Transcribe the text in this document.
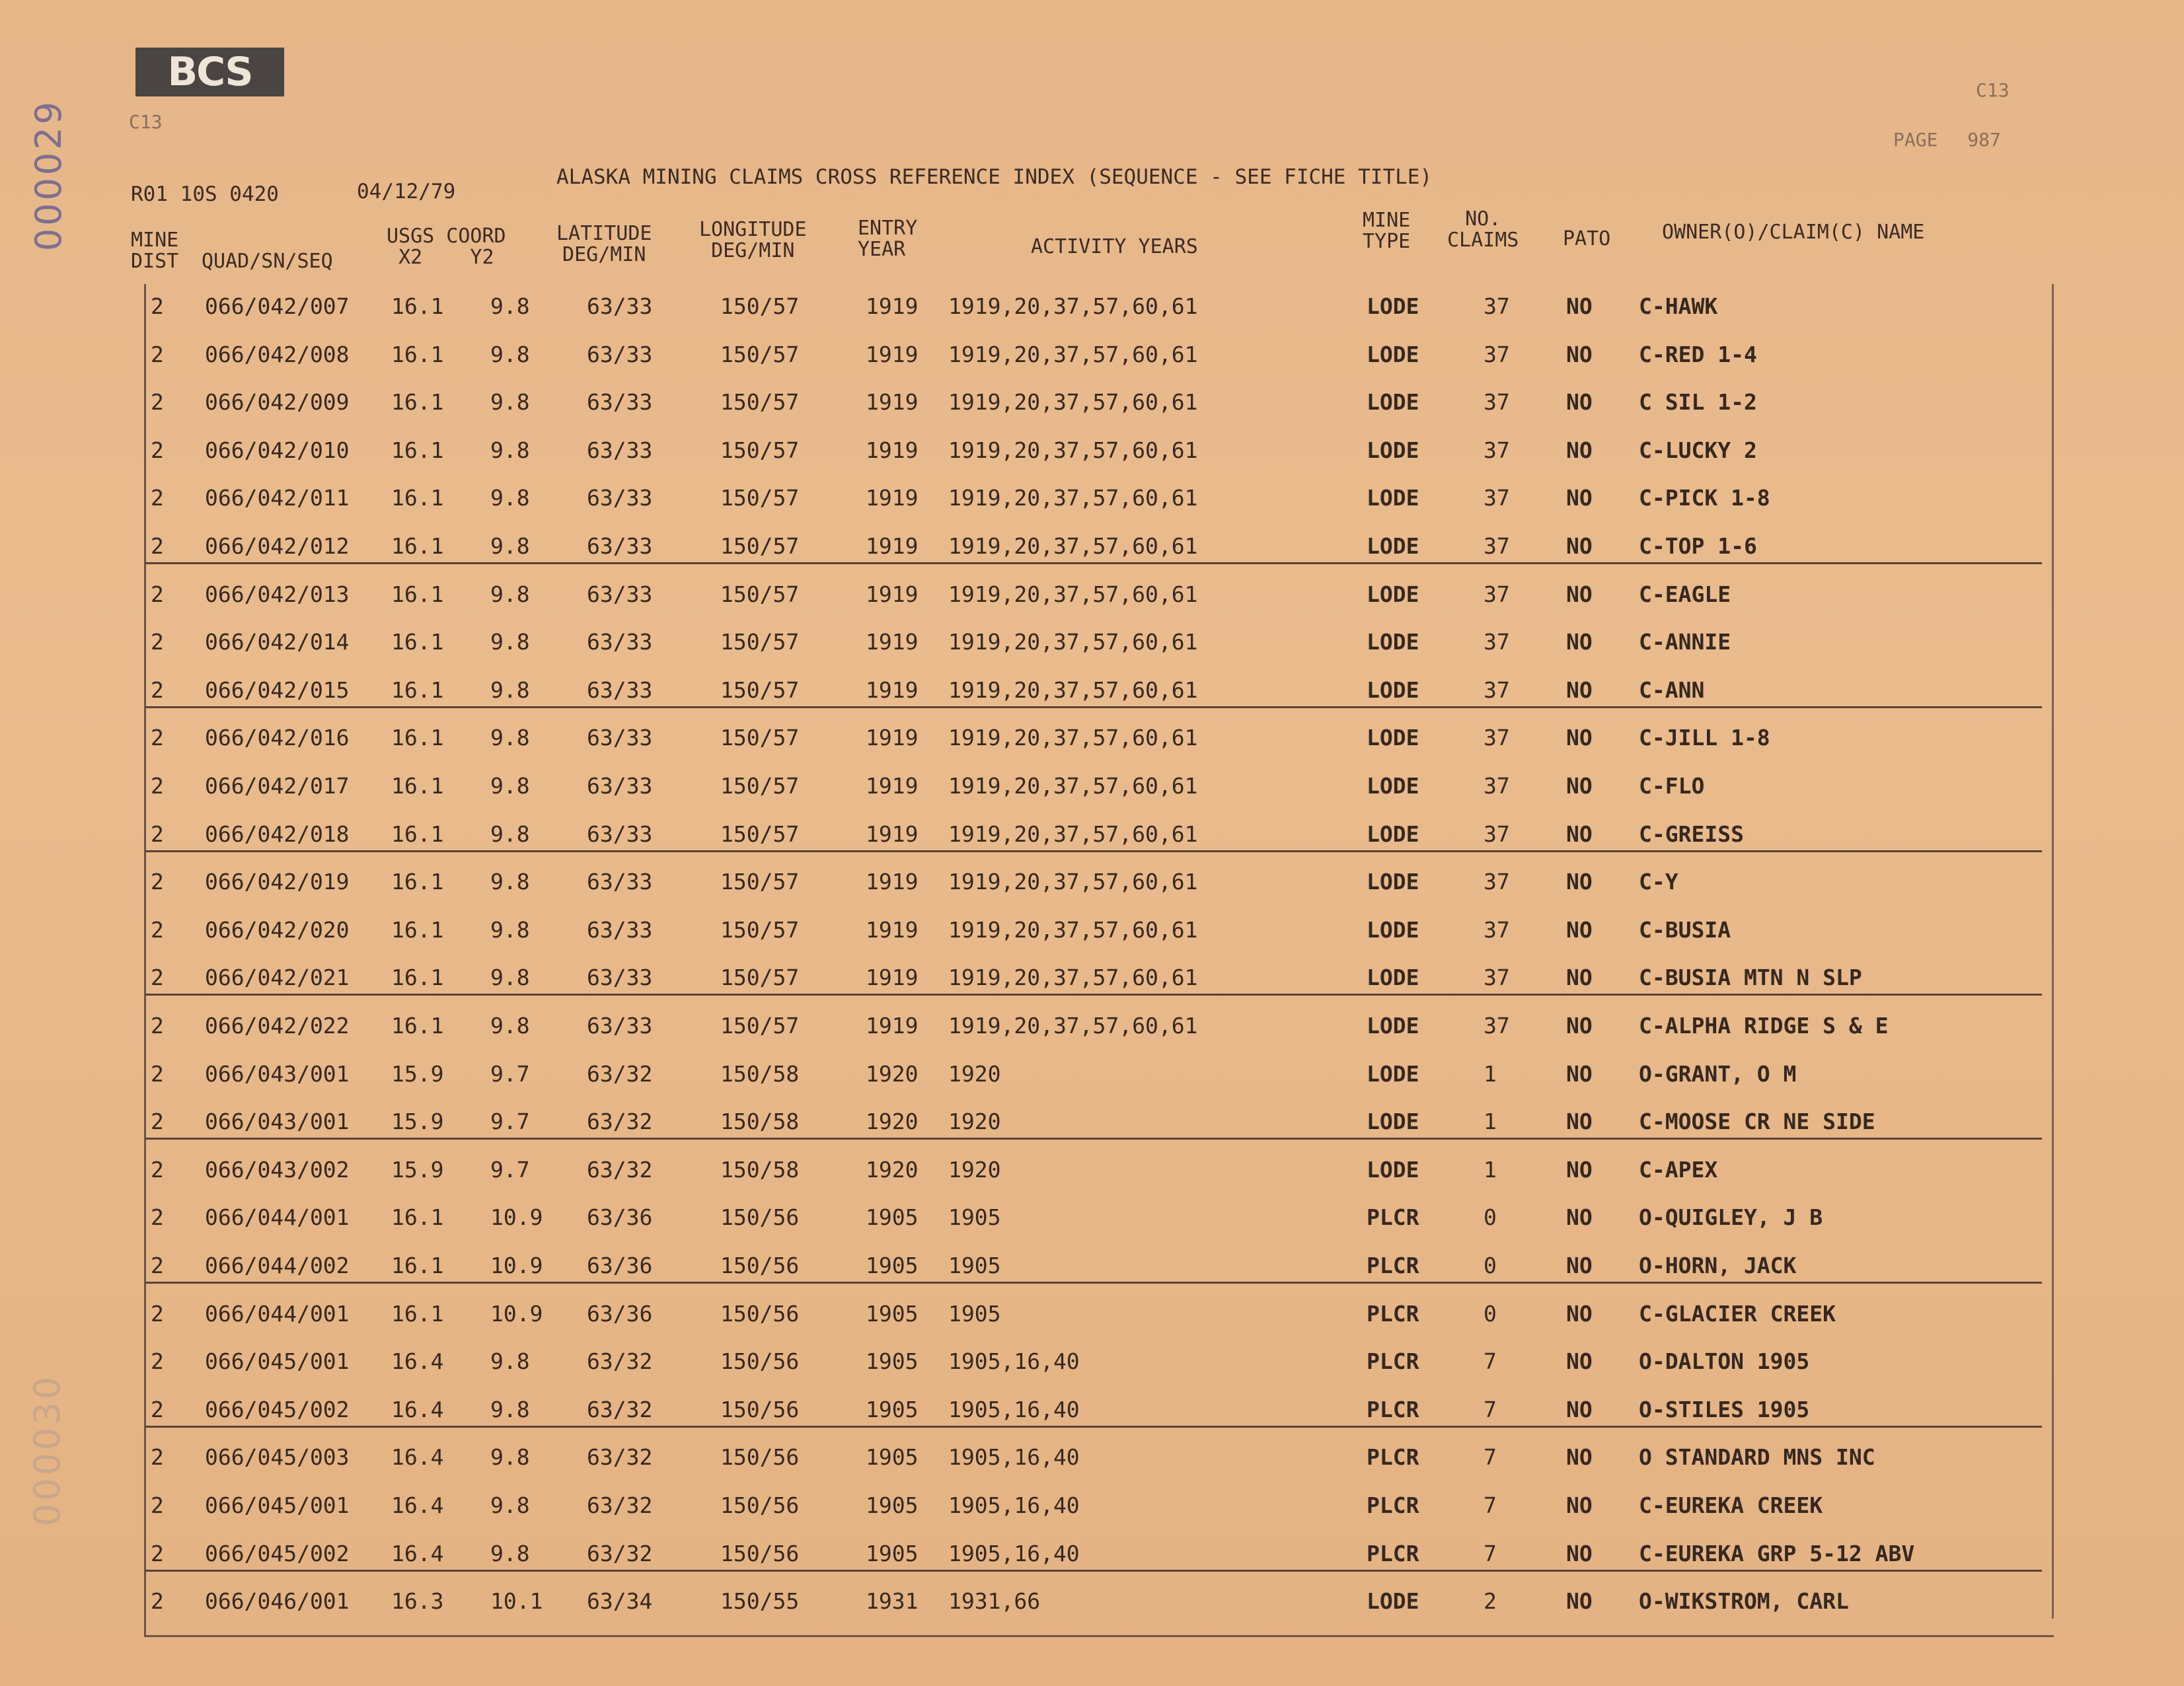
BCS
000029
000030
C13
C13
PAGE 987
R01 10S 0420	04/12/79
ALASKA MINING CLAIMS CROSS REFERENCE INDEX (SEQUENCE - SEE FICHE TITLE)
MINE
DIST QUAD/SN/SEQ
USGS COORD
X2    Y2
LATITUDE
DEG/MIN
LONGITUDE
DEG/MIN
ENTRY
YEAR	ACTIVITY YEARS
MINE
TYPE
NO.
CLAIMS PATO	OWNER(O)/CLAIM(C) NAME
2 066/042/007 16.1 9.8	63/33	150/57	1919 1919,20,37,57,60,61	LODE	37	NO C-HAWK
2 066/042/008 16.1 9.8	63/33	150/57	1919 1919,20,37,57,60,61	LODE	37	NO C-RED 1-4
2 066/042/009 16.1 9.8	63/33	150/57	1919 1919,20,37,57,60,61	LODE	37	NO C SIL 1-2
2 066/042/010 16.1 9.8	63/33	150/57	1919 1919,20,37,57,60,61	LODE	37	NO C-LUCKY 2
2 066/042/011 16.1 9.8	63/33	150/57	1919 1919,20,37,57,60,61	LODE	37	NO C-PICK 1-8
2 066/042/012 16.1 9.8	63/33	150/57	1919 1919,20,37,57,60,61	LODE	37	NO C-TOP 1-6
2 066/042/013 16.1 9.8	63/33	150/57	1919 1919,20,37,57,60,61	LODE	37	NO C-EAGLE
2 066/042/014 16.1 9.8	63/33	150/57	1919 1919,20,37,57,60,61	LODE	37	NO C-ANNIE
2 066/042/015 16.1 9.8	63/33	150/57	1919 1919,20,37,57,60,61	LODE	37	NO C-ANN
2 066/042/016 16.1 9.8	63/33	150/57	1919 1919,20,37,57,60,61	LODE	37	NO C-JILL 1-8
2 066/042/017 16.1 9.8	63/33	150/57	1919 1919,20,37,57,60,61	LODE	37	NO C-FLO
2 066/042/018 16.1 9.8	63/33	150/57	1919 1919,20,37,57,60,61	LODE	37	NO C-GREISS
2 066/042/019 16.1 9.8	63/33	150/57	1919 1919,20,37,57,60,61	LODE	37	NO C-Y
2 066/042/020 16.1 9.8	63/33	150/57	1919 1919,20,37,57,60,61	LODE	37	NO C-BUSIA
2 066/042/021 16.1 9.8	63/33	150/57	1919 1919,20,37,57,60,61	LODE	37	NO C-BUSIA MTN N SLP
2 066/042/022 16.1 9.8	63/33	150/57	1919 1919,20,37,57,60,61	LODE	37	NO C-ALPHA RIDGE S & E
2 066/043/001 15.9 9.7	63/32	150/58	1920 1920	LODE	1	NO O-GRANT, O M
2 066/043/001 15.9 9.7	63/32	150/58	1920 1920	LODE	1	NO C-MOOSE CR NE SIDE
2 066/043/002 15.9 9.7	63/32	150/58	1920 1920	LODE	1	NO C-APEX
2 066/044/001 16.1 10.9 63/36	150/56	1905 1905	PLCR	0	NO O-QUIGLEY, J B
2 066/044/002 16.1 10.9 63/36	150/56	1905 1905	PLCR	0	NO O-HORN, JACK
2 066/044/001 16.1 10.9 63/36	150/56	1905 1905	PLCR	0	NO C-GLACIER CREEK
2 066/045/001 16.4 9.8	63/32	150/56	1905 1905,16,40	PLCR	7	NO O-DALTON 1905
2 066/045/002 16.4 9.8	63/32	150/56	1905 1905,16,40	PLCR	7	NO O-STILES 1905
2 066/045/003 16.4 9.8	63/32	150/56	1905 1905,16,40	PLCR	7	NO O STANDARD MNS INC
2 066/045/001 16.4 9.8	63/32	150/56	1905 1905,16,40	PLCR	7	NO C-EUREKA CREEK
2 066/045/002 16.4 9.8	63/32	150/56	1905 1905,16,40	PLCR	7	NO C-EUREKA GRP 5-12 ABV
2 066/046/001 16.3 10.1 63/34	150/55	1931 1931,66	LODE	2	NO O-WIKSTROM, CARL
